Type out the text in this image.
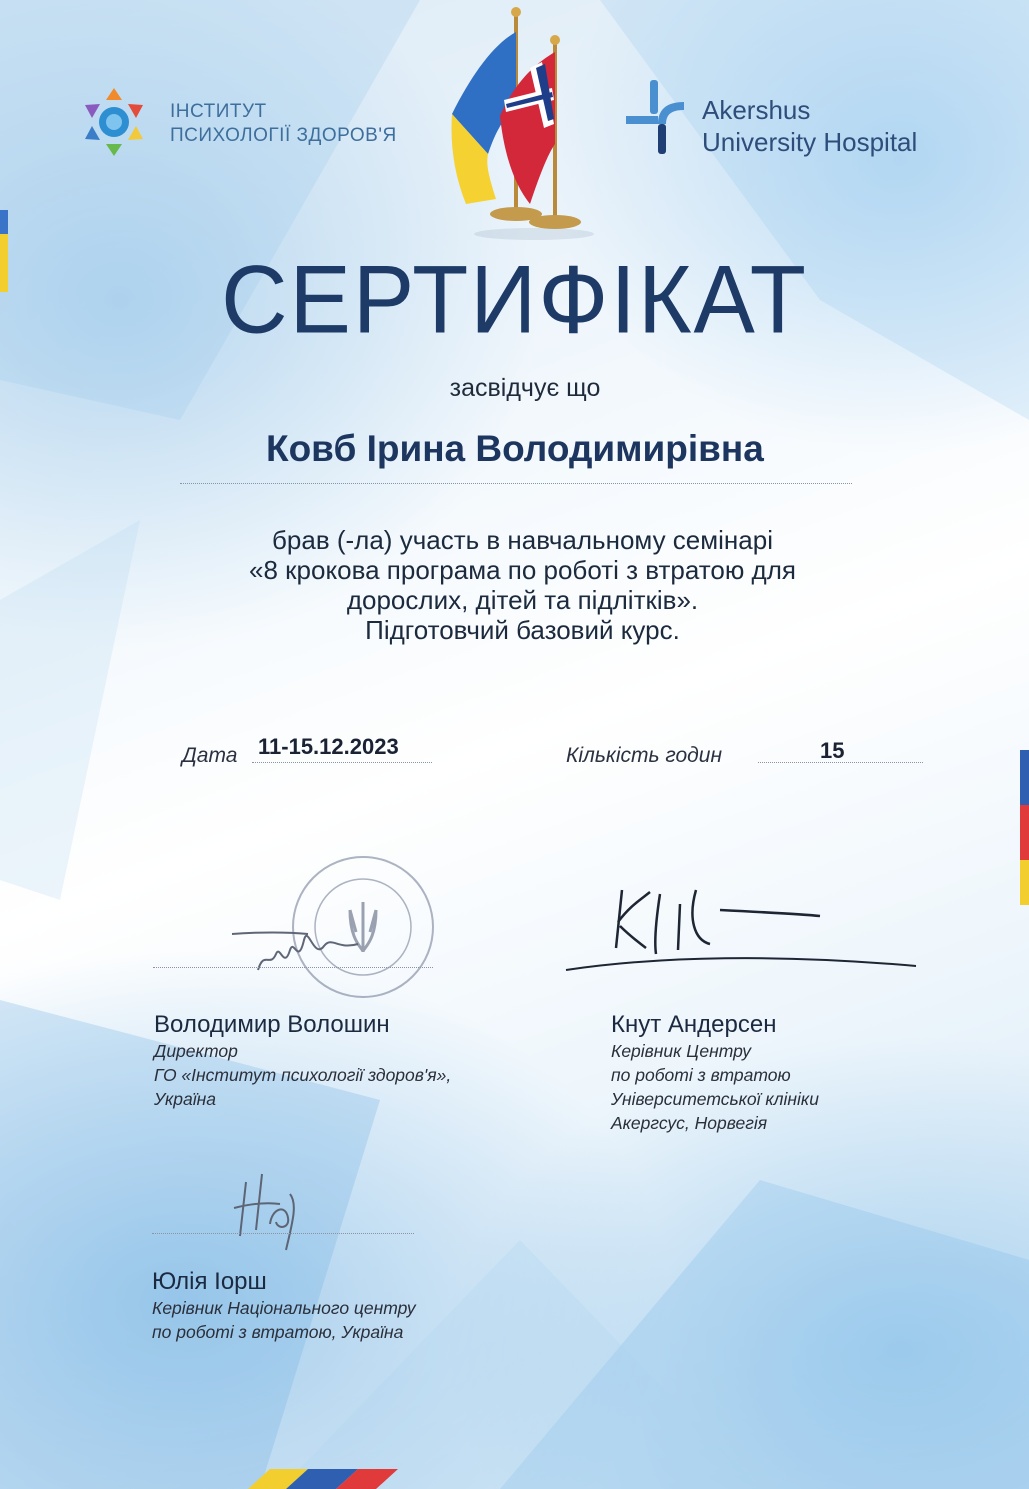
ІНСТИТУТ
ПСИХОЛОГІЇ ЗДОРОВ'Я
Akershus
University Hospital
СЕРТИФІКАТ
засвідчує що
Ковб Ірина Володимирівна
брав (-ла) участь в навчальному семінарі
«8 крокова програма по роботі з втратою для
дорослих, дітей та підлітків».
Підготовчий базовий курс.
Дата 11-15.12.2023	Кількість годин	15
Володимир Волошин
Директор
ГО «Інститут психології здоров'я»,
Україна
Кнут Андерсен
Керівник Центру
по роботі з втратою
Університетської клініки
Акергсус, Норвегія
Юлія Іорш
Керівник Національного центру
по роботі з втратою, Україна
